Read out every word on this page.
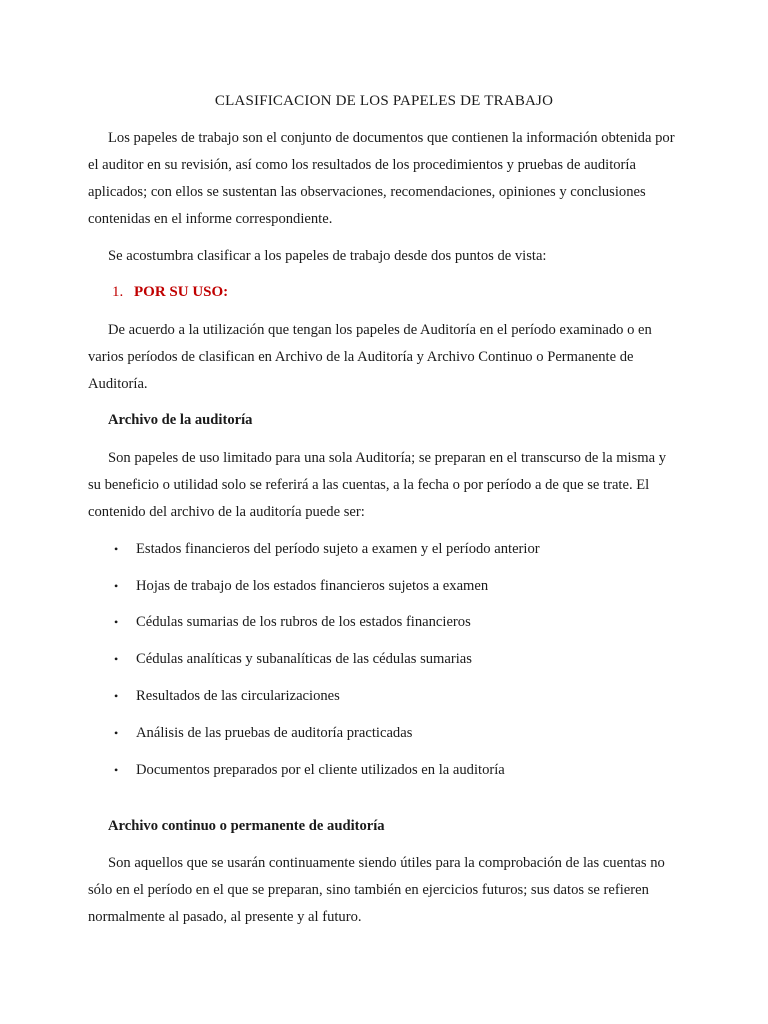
CLASIFICACION DE LOS PAPELES DE TRABAJO

Los papeles de trabajo son el conjunto de documentos que contienen la información obtenida por el auditor en su revisión, así como los resultados de los procedimientos y pruebas de auditoría aplicados; con ellos se sustentan las observaciones, recomendaciones, opiniones y conclusiones contenidas en el informe correspondiente.

Se acostumbra clasificar a los papeles de trabajo desde dos puntos de vista:

1. POR SU USO:

De acuerdo a la utilización que tengan los papeles de Auditoría en el período examinado o en varios períodos de clasifican en Archivo de la Auditoría y Archivo Continuo o Permanente de Auditoría.

Archivo de la auditoría

Son papeles de uso limitado para una sola Auditoría; se preparan en el transcurso de la misma y su beneficio o utilidad solo se referirá a las cuentas, a la fecha o por período a de que se trate. El contenido del archivo de la auditoría puede ser:

• Estados financieros del período sujeto a examen y el período anterior
• Hojas de trabajo de los estados financieros sujetos a examen
• Cédulas sumarias de los rubros de los estados financieros
• Cédulas analíticas y subanalíticas de las cédulas sumarias
• Resultados de las circularizaciones
• Análisis de las pruebas de auditoría practicadas
• Documentos preparados por el cliente utilizados en la auditoría
Archivo continuo o permanente de auditoría

Son aquellos que se usarán continuamente siendo útiles para la comprobación de las cuentas no sólo en el período en el que se preparan, sino también en ejercicios futuros; sus datos se refieren normalmente al pasado, al presente y al futuro.
